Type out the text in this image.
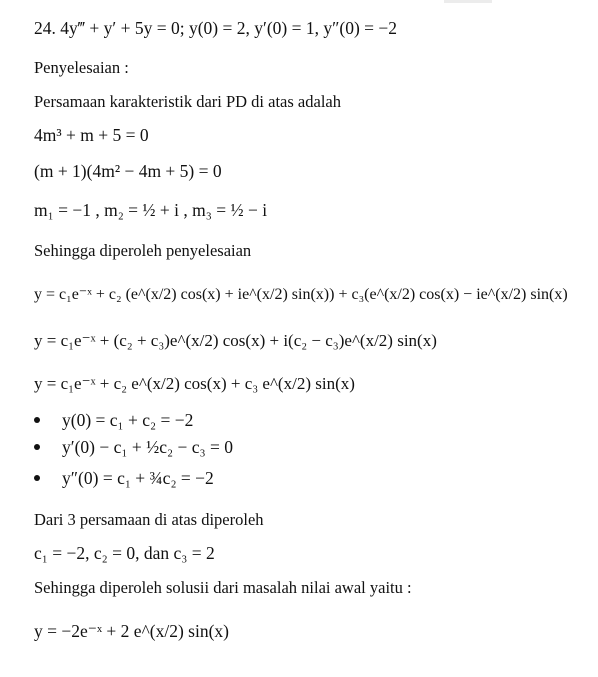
24. 4y‴ + y′ + 5y = 0; y(0) = 2, y′(0) = 1, y″(0) = −2
Penyelesaian :
Persamaan karakteristik dari PD di atas adalah
4m³ + m + 5 = 0
(m + 1)(4m² − 4m + 5) = 0
m₁ = −1 , m₂ = ½ + i , m₃ = ½ − i
Sehingga diperoleh penyelesaian
y = c₁e⁻ˣ + c₂ (e^(x/2) cos(x) + ie^(x/2) sin(x)) + c₃(e^(x/2) cos(x) − ie^(x/2) sin(x)
y = c₁e⁻ˣ + (c₂ + c₃)e^(x/2) cos(x) + i(c₂ − c₃)e^(x/2) sin(x)
y = c₁e⁻ˣ + c₂ e^(x/2) cos(x) + c₃ e^(x/2) sin(x)
y(0) = c₁ + c₂ = −2
y′(0) − c₁ + ½c₂ − c₃ = 0
y″(0) = c₁ + ¾c₂ = −2
Dari 3 persamaan di atas diperoleh
c₁ = −2, c₂ = 0, dan c₃ = 2
Sehingga diperoleh solusii dari masalah nilai awal yaitu :
y = −2e⁻ˣ + 2 e^(x/2) sin(x)
